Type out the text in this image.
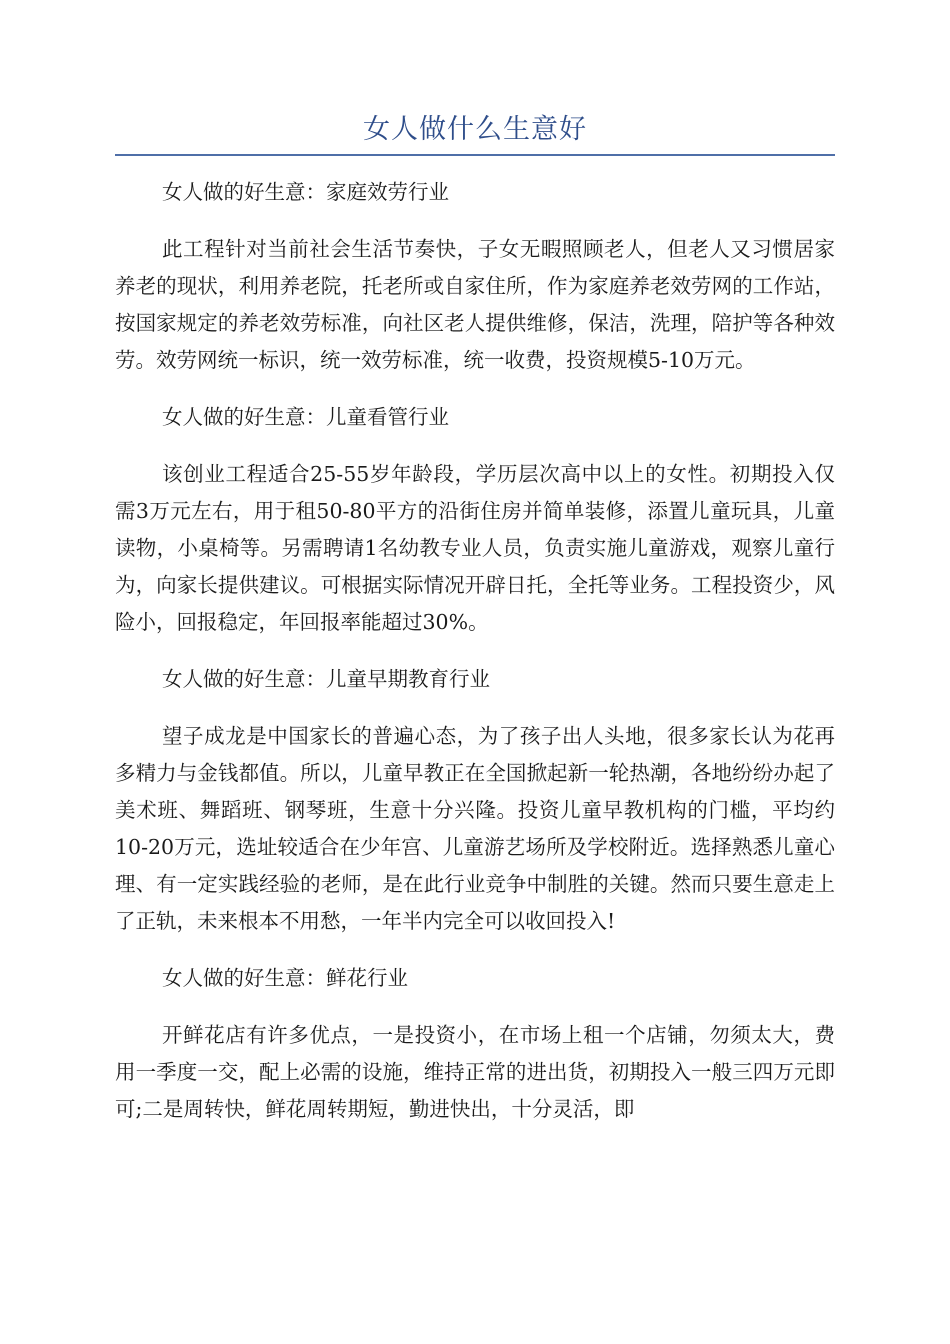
女人做什么生意好

女人做的好生意：家庭效劳行业

此工程针对当前社会生活节奏快，子女无暇照顾老人，但老人又习惯居家养老的现状，利用养老院，托老所或自家住所，作为家庭养老效劳网的工作站，按国家规定的养老效劳标准，向社区老人提供维修，保洁，洗理，陪护等各种效劳。效劳网统一标识，统一效劳标准，统一收费，投资规模5-10万元。

女人做的好生意：儿童看管行业

该创业工程适合25-55岁年龄段，学历层次高中以上的女性。初期投入仅需3万元左右，用于租50-80平方的沿街住房并简单装修，添置儿童玩具，儿童读物，小桌椅等。另需聘请1名幼教专业人员，负责实施儿童游戏，观察儿童行为，向家长提供建议。可根据实际情况开辟日托，全托等业务。工程投资少，风险小，回报稳定，年回报率能超过30%。

女人做的好生意：儿童早期教育行业

望子成龙是中国家长的普遍心态，为了孩子出人头地，很多家长认为花再多精力与金钱都值。所以，儿童早教正在全国掀起新一轮热潮，各地纷纷办起了美术班、舞蹈班、钢琴班，生意十分兴隆。投资儿童早教机构的门槛，平均约10-20万元，选址较适合在少年宫、儿童游艺场所及学校附近。选择熟悉儿童心理、有一定实践经验的老师，是在此行业竞争中制胜的关键。然而只要生意走上了正轨，未来根本不用愁，一年半内完全可以收回投入!

女人做的好生意：鲜花行业

开鲜花店有许多优点，一是投资小，在市场上租一个店铺，勿须太大，费用一季度一交，配上必需的设施，维持正常的进出货，初期投入一般三四万元即可;二是周转快，鲜花周转期短，勤进快出，十分灵活，即
